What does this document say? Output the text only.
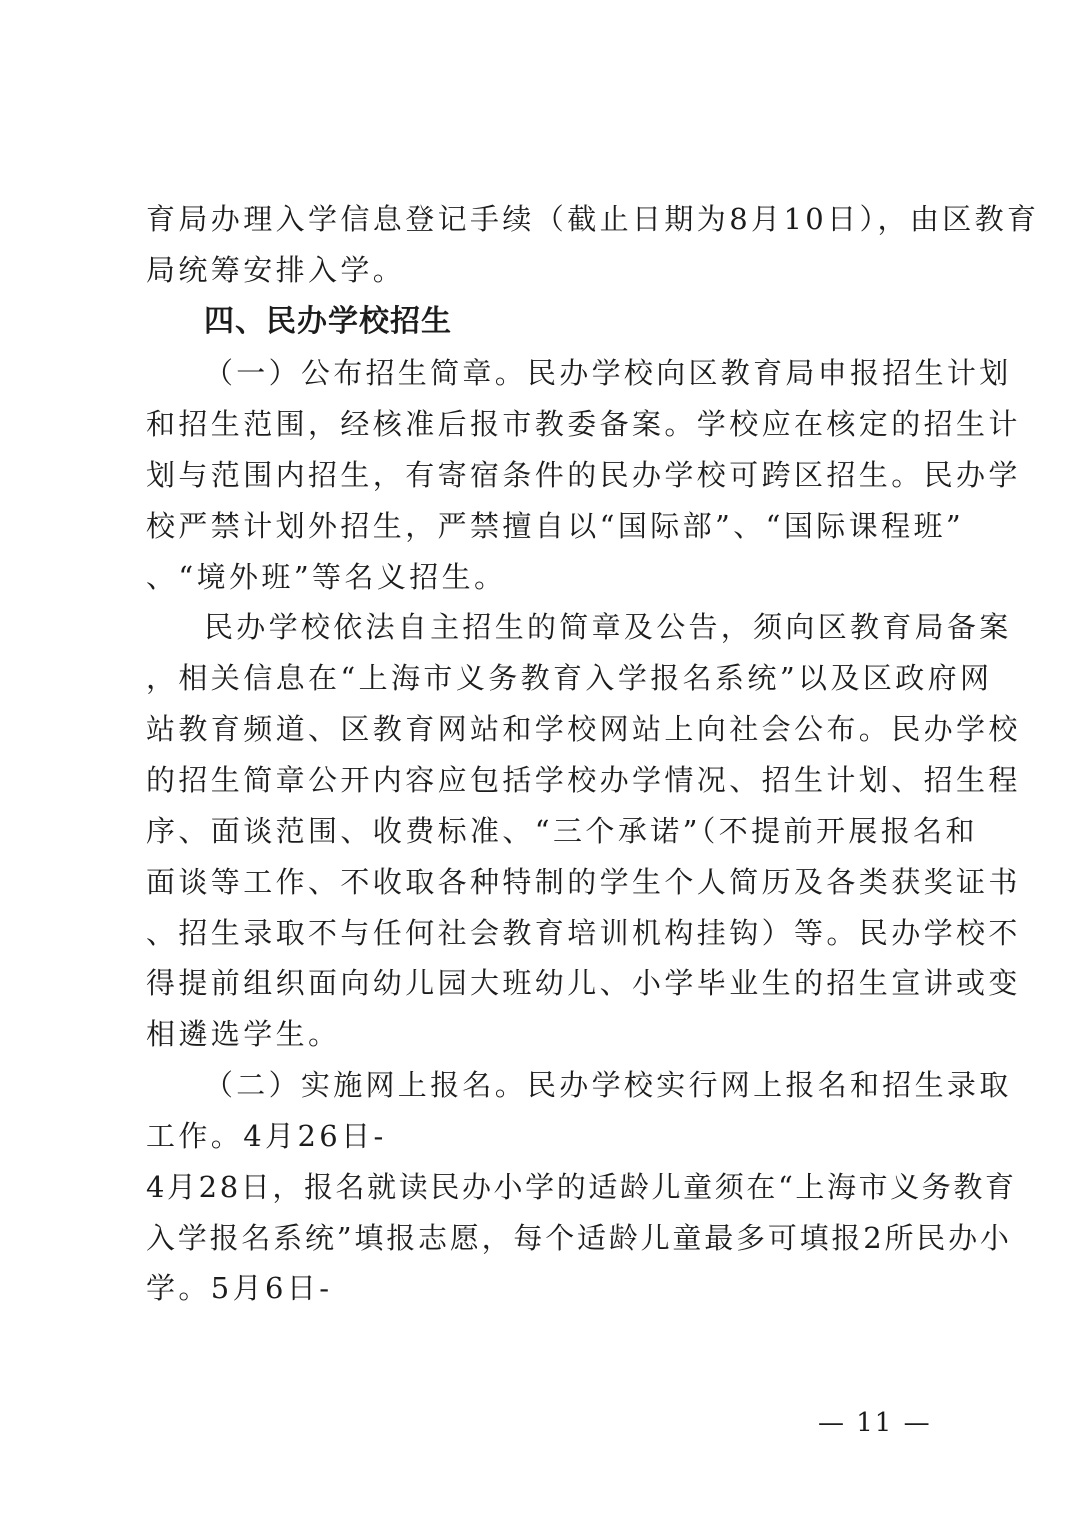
育局办理入学信息登记手续（截止日期为8月10日），由区教育
局统筹安排入学。
四、民办学校招生
（一）公布招生简章。民办学校向区教育局申报招生计划
和招生范围，经核准后报市教委备案。学校应在核定的招生计
划与范围内招生，有寄宿条件的民办学校可跨区招生。民办学
校严禁计划外招生，严禁擅自以“国际部”、“国际课程班”
、“境外班”等名义招生。
民办学校依法自主招生的简章及公告，须向区教育局备案
，相关信息在“上海市义务教育入学报名系统”以及区政府网
站教育频道、区教育网站和学校网站上向社会公布。民办学校
的招生简章公开内容应包括学校办学情况、招生计划、招生程
序、面谈范围、收费标准、“三个承诺”（不提前开展报名和
面谈等工作、不收取各种特制的学生个人简历及各类获奖证书
、招生录取不与任何社会教育培训机构挂钩）等。民办学校不
得提前组织面向幼儿园大班幼儿、小学毕业生的招生宣讲或变
相遴选学生。
（二）实施网上报名。民办学校实行网上报名和招生录取
工作。4月26日-
4月28日，报名就读民办小学的适龄儿童须在“上海市义务教育
入学报名系统”填报志愿，每个适龄儿童最多可填报2所民办小
学。5月6日-
— 11 —
